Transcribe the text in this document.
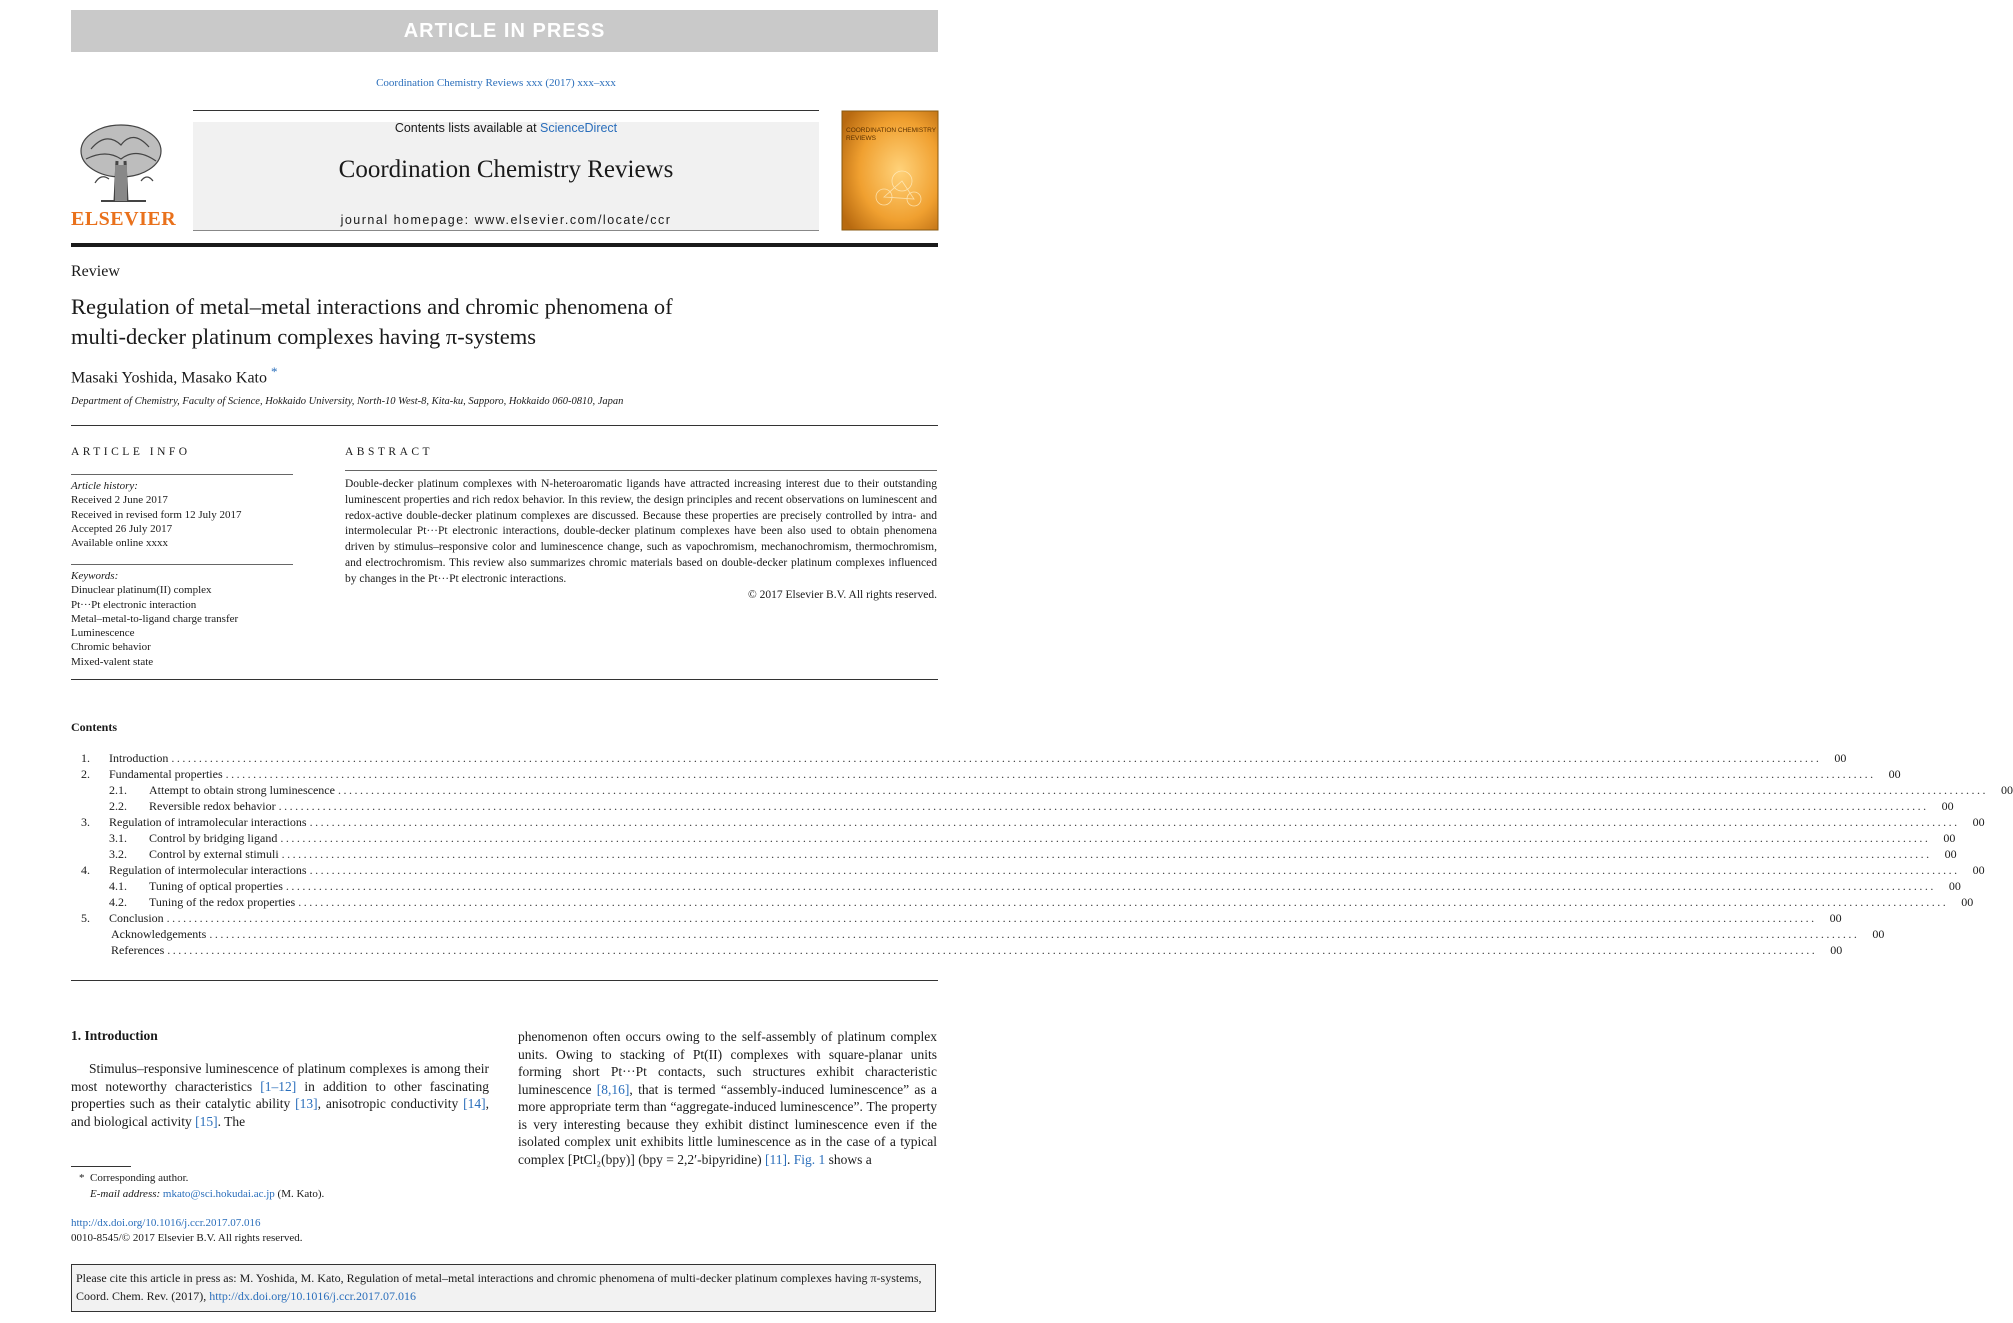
ARTICLE IN PRESS
Coordination Chemistry Reviews xxx (2017) xxx–xxx
ELSEVIER
Contents lists available at ScienceDirect
Coordination Chemistry Reviews
journal homepage: www.elsevier.com/locate/ccr
COORDINATION CHEMISTRY REVIEWS
Review
Regulation of metal–metal interactions and chromic phenomena of
multi-decker platinum complexes having π-systems
Masaki Yoshida, Masako Kato *
Department of Chemistry, Faculty of Science, Hokkaido University, North-10 West-8, Kita-ku, Sapporo, Hokkaido 060-0810, Japan
ARTICLE INFO
Article history:
Received 2 June 2017
Received in revised form 12 July 2017
Accepted 26 July 2017
Available online xxxx
Keywords:
Dinuclear platinum(II) complex
Pt···Pt electronic interaction
Metal–metal-to-ligand charge transfer
Luminescence
Chromic behavior
Mixed-valent state
ABSTRACT
Double-decker platinum complexes with N-heteroaromatic ligands have attracted increasing interest due to their outstanding luminescent properties and rich redox behavior. In this review, the design principles and recent observations on luminescent and redox-active double-decker platinum complexes are discussed. Because these properties are precisely controlled by intra- and intermolecular Pt···Pt electronic interactions, double-decker platinum complexes have been also used to obtain phenomena driven by stimulus–responsive color and luminescence change, such as vapochromism, mechanochromism, thermochromism, and electrochromism. This review also summarizes chromic materials based on double-decker platinum complexes influenced by changes in the Pt···Pt electronic interactions.
© 2017 Elsevier B.V. All rights reserved.
Contents
1.	Introduction ............................................................................................................................................................................................................................................................................................................	00
2.	Fundamental properties ............................................................................................................................................................................................................................................................................................................	00
2.1.	Attempt to obtain strong luminescence ............................................................................................................................................................................................................................................................................................................	00
2.2.	Reversible redox behavior ............................................................................................................................................................................................................................................................................................................	00
3.	Regulation of intramolecular interactions ............................................................................................................................................................................................................................................................................................................	00
3.1.	Control by bridging ligand ............................................................................................................................................................................................................................................................................................................	00
3.2.	Control by external stimuli ............................................................................................................................................................................................................................................................................................................	00
4.	Regulation of intermolecular interactions ............................................................................................................................................................................................................................................................................................................	00
4.1.	Tuning of optical properties ............................................................................................................................................................................................................................................................................................................	00
4.2.	Tuning of the redox properties ............................................................................................................................................................................................................................................................................................................	00
5.	Conclusion ............................................................................................................................................................................................................................................................................................................	00
Acknowledgements ............................................................................................................................................................................................................................................................................................................	00
References ............................................................................................................................................................................................................................................................................................................	00
1. Introduction
Stimulus–responsive luminescence of platinum complexes is among their most noteworthy characteristics [1–12] in addition to other fascinating properties such as their catalytic ability [13], anisotropic conductivity [14], and biological activity [15]. The
phenomenon often occurs owing to the self-assembly of platinum complex units. Owing to stacking of Pt(II) complexes with square-planar units forming short Pt···Pt contacts, such structures exhibit characteristic luminescence [8,16], that is termed “assembly-induced luminescence” as a more appropriate term than “aggregate-induced luminescence”. The property is very interesting because they exhibit distinct luminescence even if the isolated complex unit exhibits little luminescence as in the case of a typical complex [PtCl₂(bpy)] (bpy = 2,2′-bipyridine) [11]. Fig. 1 shows a
* Corresponding author.
E-mail address: mkato@sci.hokudai.ac.jp (M. Kato).
http://dx.doi.org/10.1016/j.ccr.2017.07.016
0010-8545/© 2017 Elsevier B.V. All rights reserved.
Please cite this article in press as: M. Yoshida, M. Kato, Regulation of metal–metal interactions and chromic phenomena of multi-decker platinum complexes having π-systems, Coord. Chem. Rev. (2017), http://dx.doi.org/10.1016/j.ccr.2017.07.016
